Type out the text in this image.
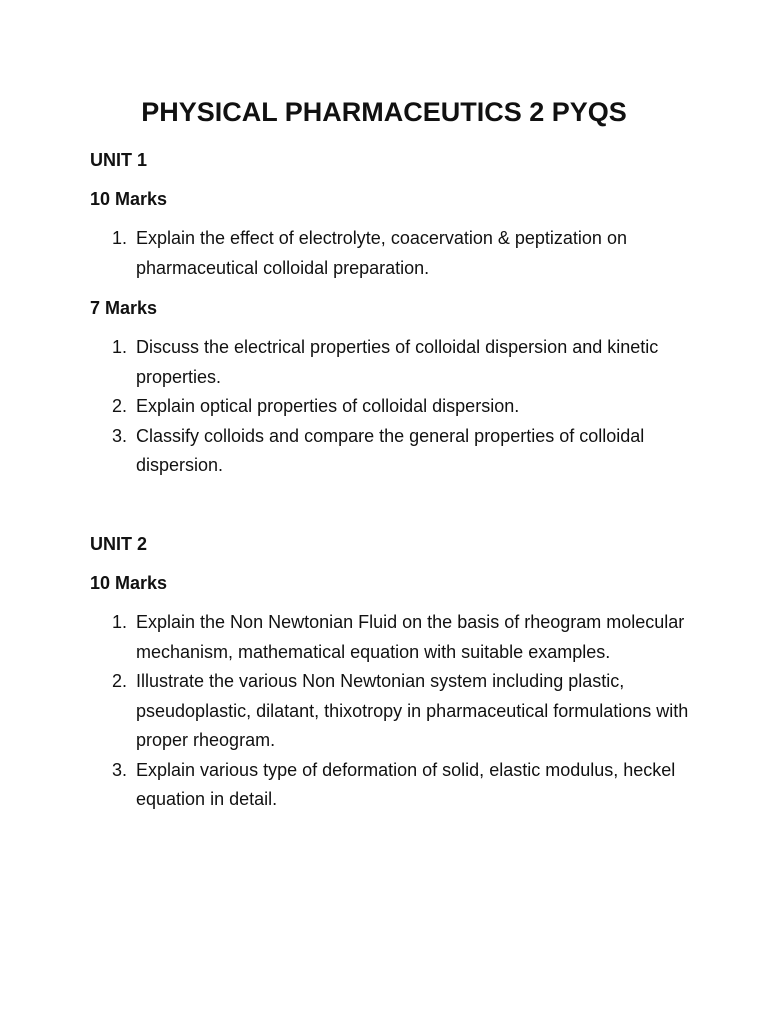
PHYSICAL PHARMACEUTICS 2 PYQS
UNIT 1
10 Marks
1. Explain the effect of electrolyte, coacervation & peptization on pharmaceutical colloidal preparation.
7 Marks
1. Discuss the electrical properties of colloidal dispersion and kinetic properties.
2. Explain optical properties of colloidal dispersion.
3. Classify colloids and compare the general properties of colloidal dispersion.
UNIT 2
10 Marks
1. Explain the Non Newtonian Fluid on the basis of rheogram molecular mechanism, mathematical equation with suitable examples.
2. Illustrate the various Non Newtonian system including plastic, pseudoplastic, dilatant, thixotropy in pharmaceutical formulations with proper rheogram.
3. Explain various type of deformation of solid, elastic modulus, heckel equation in detail.
